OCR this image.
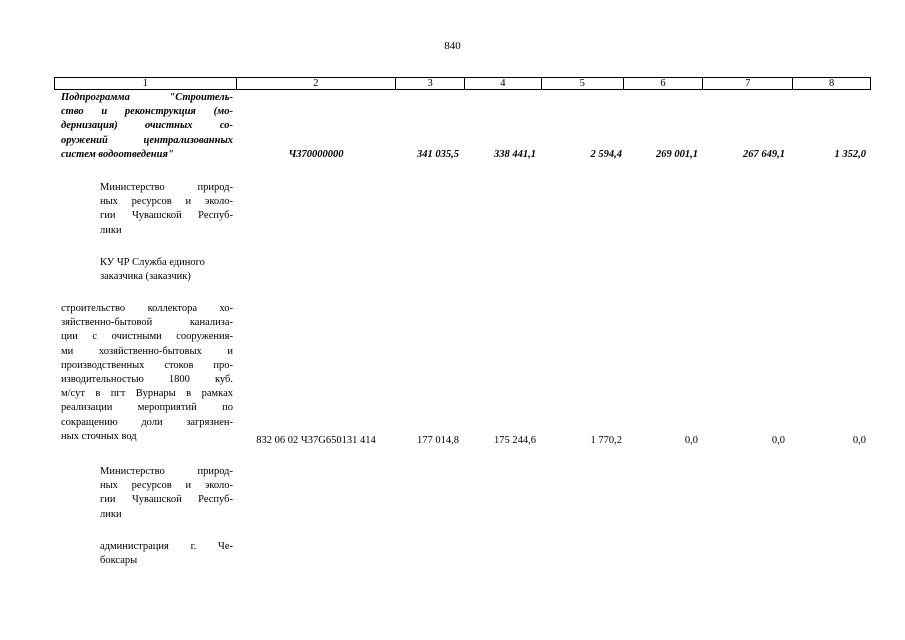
840
1	2	3	4	5	6	7	8
Подпрограмма "Строитель-
ство и реконструкция (мо-
дернизация) очистных со-
оружений централизованных
систем водоотведения"	Ч370000000	341 035,5	338 441,1	2 594,4	269 001,1	267 649,1	1 352,0
Министерство природ-
ных ресурсов и эколо-
гии Чувашской Респуб-
лики
КУ ЧР Служба единого
заказчика (заказчик)
строительство коллектора хо-
зяйственно-бытовой канализа-
ции с очистными сооружения-
ми хозяйственно-бытовых и
производственных стоков про-
изводительностью 1800 куб.
м/сут в пгт Вурнары в рамках
реализации мероприятий по
сокращению доли загрязнен-
ных сточных вод	832 06 02 Ч37G650131 414	177 014,8	175 244,6	1 770,2	0,0	0,0	0,0
Министерство природ-
ных ресурсов и эколо-
гии Чувашской Респуб-
лики
администрация г. Че-
боксары
